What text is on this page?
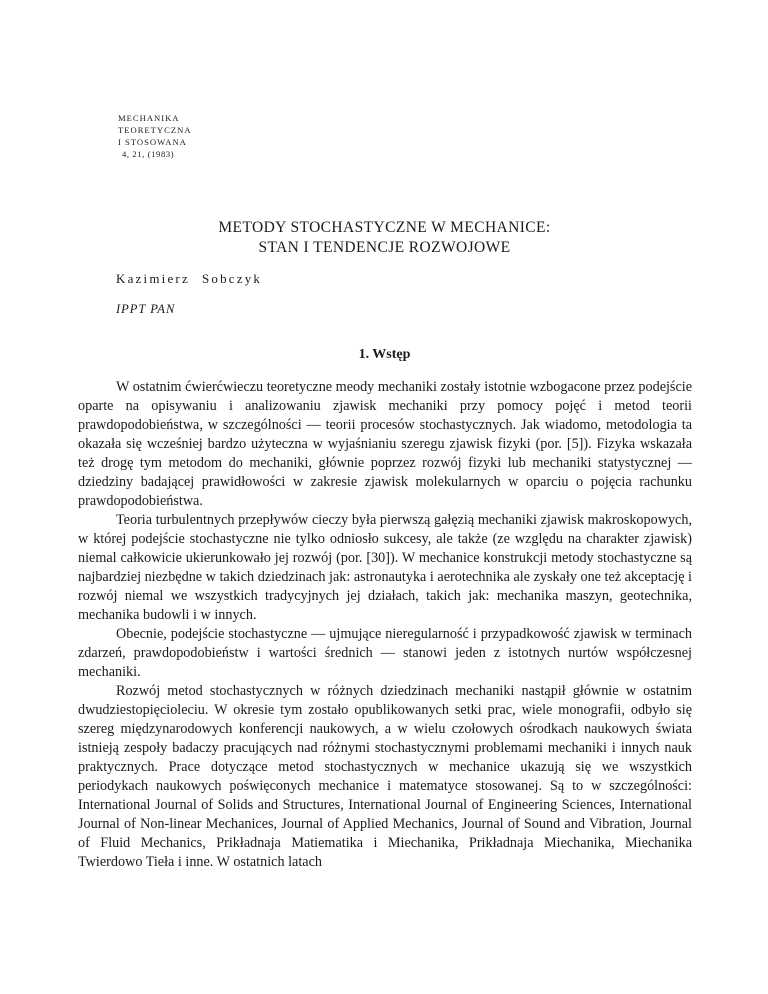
MECHANIKA
TEORETYCZNA
I STOSOWANA
4, 21, (1983)
METODY STOCHASTYCZNE W MECHANICE:
STAN I TENDENCJE ROZWOJOWE
Kazimierz Sobczyk
IPPT PAN
1. Wstęp

W ostatnim ćwierćwieczu teoretyczne meody mechaniki zostały istotnie wzbogacone przez podejście oparte na opisywaniu i analizowaniu zjawisk mechaniki przy pomocy pojęć i metod teorii prawdopodobieństwa, w szczególności — teorii procesów stochastycznych. Jak wiadomo, metodologia ta okazała się wcześniej bardzo użyteczna w wyjaśnianiu szeregu zjawisk fizyki (por. [5]). Fizyka wskazała też drogę tym metodom do mechaniki, głównie poprzez rozwój fizyki lub mechaniki statystycznej — dziedziny badającej prawidłowości w zakresie zjawisk molekularnych w oparciu o pojęcia rachunku prawdopodobieństwa.

Teoria turbulentnych przepływów cieczy była pierwszą gałęzią mechaniki zjawisk makroskopowych, w której podejście stochastyczne nie tylko odniosło sukcesy, ale także (ze względu na charakter zjawisk) niemal całkowicie ukierunkowało jej rozwój (por. [30]). W mechanice konstrukcji metody stochastyczne są najbardziej niezbędne w takich dziedzinach jak: astronautyka i aerotechnika ale zyskały one też akceptację i rozwój niemal we wszystkich tradycyjnych jej działach, takich jak: mechanika maszyn, geotechnika, mechanika budowli i w innych.

Obecnie, podejście stochastyczne — ujmujące nieregularność i przypadkowość zjawisk w terminach zdarzeń, prawdopodobieństw i wartości średnich — stanowi jeden z istotnych nurtów współczesnej mechaniki.

Rozwój metod stochastycznych w różnych dziedzinach mechaniki nastąpił głównie w ostatnim dwudziestopięcioleciu. W okresie tym zostało opublikowanych setki prac, wiele monografii, odbyło się szereg międzynarodowych konferencji naukowych, a w wielu czołowych ośrodkach naukowych świata istnieją zespoły badaczy pracujących nad różnymi stochastycznymi problemami mechaniki i innych nauk praktycznych. Prace dotyczące metod stochastycznych w mechanice ukazują się we wszystkich periodykach naukowych poświęconych mechanice i matematyce stosowanej. Są to w szczególności: International Journal of Solids and Structures, International Journal of Engineering Sciences, International Journal of Non-linear Mechanices, Journal of Applied Mechanics, Journal of Sound and Vibration, Journal of Fluid Mechanics, Prikładnaja Matiematika i Miechanika, Prikładnaja Miechanika, Miechanika Twierdowo Tieła i inne. W ostatnich latach
